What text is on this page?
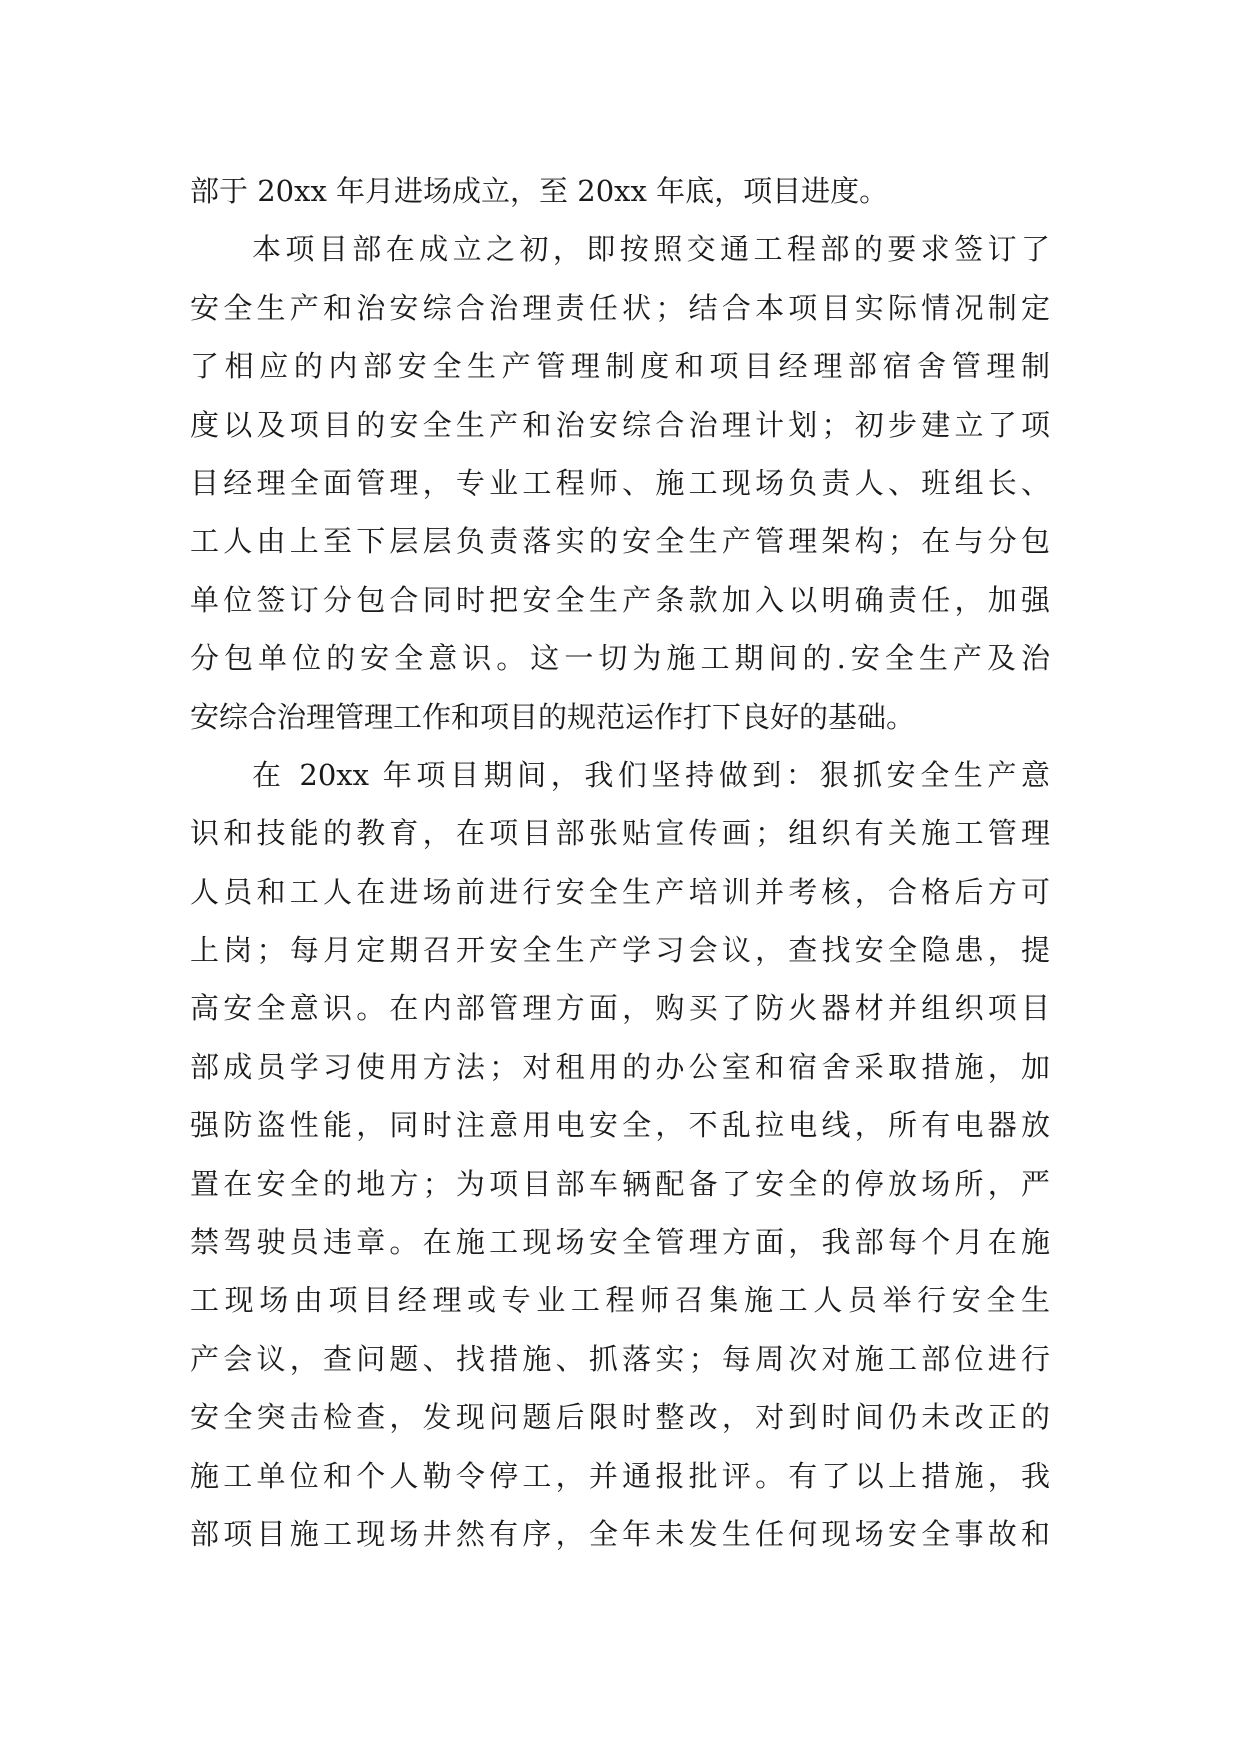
部于 20xx 年月进场成立，至 20xx 年底，项目进度。
本项目部在成立之初，即按照交通工程部的要求签订了
安全生产和治安综合治理责任状；结合本项目实际情况制定
了相应的内部安全生产管理制度和项目经理部宿舍管理制
度以及项目的安全生产和治安综合治理计划；初步建立了项
目经理全面管理，专业工程师、施工现场负责人、班组长、
工人由上至下层层负责落实的安全生产管理架构；在与分包
单位签订分包合同时把安全生产条款加入以明确责任，加强
分包单位的安全意识。这一切为施工期间的.安全生产及治
安综合治理管理工作和项目的规范运作打下良好的基础。
在 20xx 年项目期间，我们坚持做到：狠抓安全生产意
识和技能的教育，在项目部张贴宣传画；组织有关施工管理
人员和工人在进场前进行安全生产培训并考核，合格后方可
上岗；每月定期召开安全生产学习会议，查找安全隐患，提
高安全意识。在内部管理方面，购买了防火器材并组织项目
部成员学习使用方法；对租用的办公室和宿舍采取措施，加
强防盗性能，同时注意用电安全，不乱拉电线，所有电器放
置在安全的地方；为项目部车辆配备了安全的停放场所，严
禁驾驶员违章。在施工现场安全管理方面，我部每个月在施
工现场由项目经理或专业工程师召集施工人员举行安全生
产会议，查问题、找措施、抓落实；每周次对施工部位进行
安全突击检查，发现问题后限时整改，对到时间仍未改正的
施工单位和个人勒令停工，并通报批评。有了以上措施，我
部项目施工现场井然有序，全年未发生任何现场安全事故和
